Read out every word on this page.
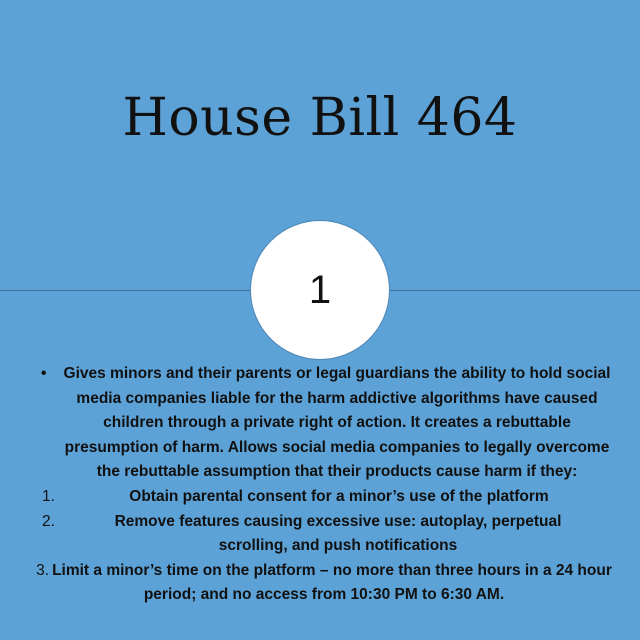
House Bill 464
1
• Gives minors and their parents or legal guardians the ability to hold social media companies liable for the harm addictive algorithms have caused children through a private right of action. It creates a rebuttable presumption of harm. Allows social media companies to legally overcome the rebuttable assumption that their products cause harm if they:
1.	Obtain parental consent for a minor’s use of the platform
2.	Remove features causing excessive use: autoplay, perpetual scrolling, and push notifications
3. Limit a minor’s time on the platform – no more than three hours in a 24 hour period; and no access from 10:30 PM to 6:30 AM.
